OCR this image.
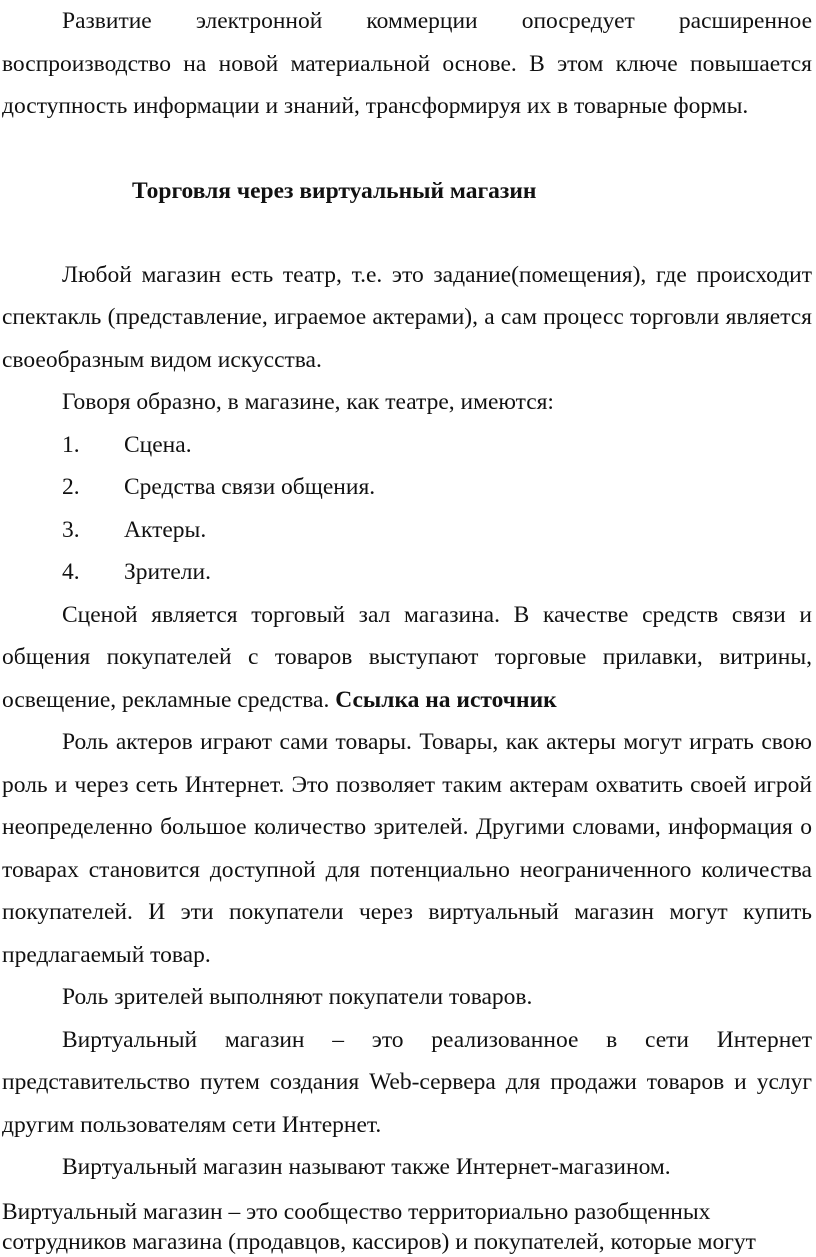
Развитие электронной коммерции опосредует расширенное воспроизводство на новой материальной основе. В этом ключе повышается доступность информации и знаний, трансформируя их в товарные формы.

Торговля через виртуальный магазин

Любой магазин есть театр, т.е. это задание(помещения), где происходит спектакль (представление, играемое актерами), а сам процесс торговли является своеобразным видом искусства.

Говоря образно, в магазине, как театре, имеются:

1.	Сцена.
2.	Средства связи общения.
3.	Актеры.
4.	Зрители.

Сценой является торговый зал магазина. В качестве средств связи и общения покупателей с товаров выступают торговые прилавки, витрины, освещение, рекламные средства. Ссылка на источник

Роль актеров играют сами товары. Товары, как актеры могут играть свою роль и через сеть Интернет. Это позволяет таким актерам охватить своей игрой неопределенно большое количество зрителей. Другими словами, информация о товарах становится доступной для потенциально неограниченного количества покупателей. И эти покупатели через виртуальный магазин могут купить предлагаемый товар.

Роль зрителей выполняют покупатели товаров.

Виртуальный магазин – это реализованное в сети Интернет представительство путем создания Web-сервера для продажи товаров и услуг другим пользователям сети Интернет.

Виртуальный магазин называют также Интернет-магазином.

Виртуальный магазин – это сообщество территориально разобщенных

сотрудников магазина (продавцов, кассиров) и покупателей, которые могут
